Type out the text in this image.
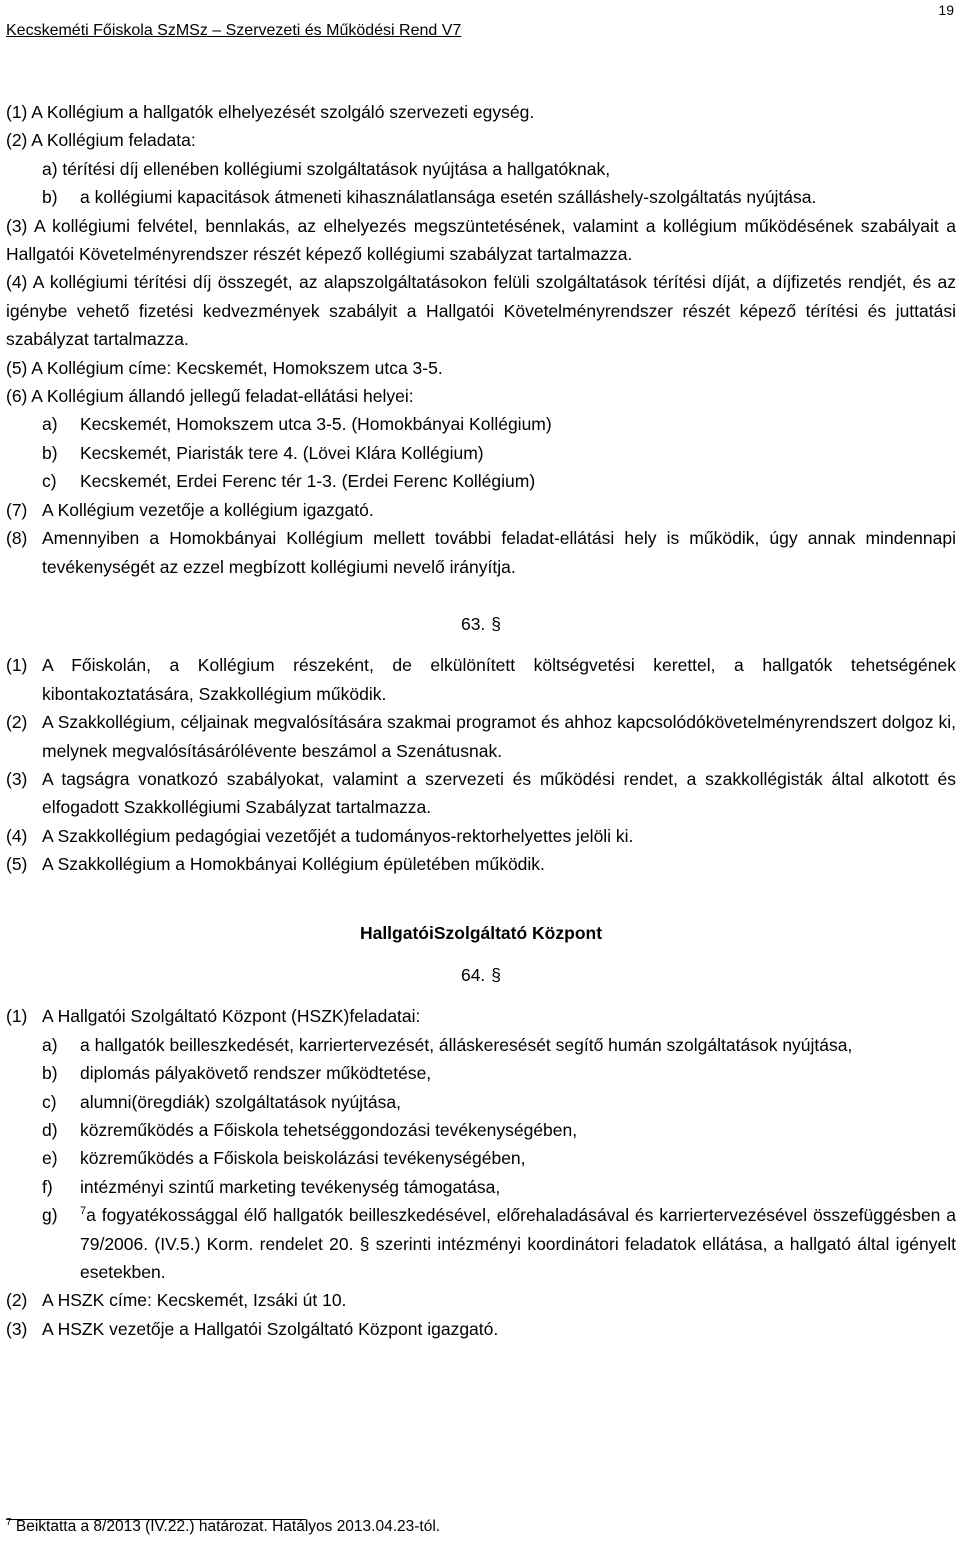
Kecskeméti Főiskola SzMSz – Szervezeti és Működési Rend V7
19
(1) A Kollégium a hallgatók elhelyezését szolgáló szervezeti egység.
(2) A Kollégium feladata:
a) térítési díj ellenében kollégiumi szolgáltatások nyújtása a hallgatóknak,
b) a kollégiumi kapacitások átmeneti kihasználatlansága esetén szálláshely-szolgáltatás nyújtása.
(3) A kollégiumi felvétel, bennlakás, az elhelyezés megszüntetésének, valamint a kollégium működésének szabályait a Hallgatói Követelményrendszer részét képező kollégiumi szabályzat tartalmazza.
(4) A kollégiumi térítési díj összegét, az alapszolgáltatásokon felüli szolgáltatások térítési díját, a díjfizetés rendjét, és az igénybe vehető fizetési kedvezmények szabályit a Hallgatói Követelményrendszer részét képező térítési és juttatási szabályzat tartalmazza.
(5) A Kollégium címe: Kecskemét, Homokszem utca 3-5.
(6) A Kollégium állandó jellegű feladat-ellátási helyei:
a) Kecskemét, Homokszem utca 3-5. (Homokbányai Kollégium)
b) Kecskemét, Piaristák tere 4. (Lövei Klára Kollégium)
c) Kecskemét, Erdei Ferenc tér 1-3. (Erdei Ferenc Kollégium)
(7) A Kollégium vezetője a kollégium igazgató.
(8) Amennyiben a Homokbányai Kollégium mellett további feladat-ellátási hely is működik, úgy annak mindennapi tevékenységét az ezzel megbízott kollégiumi nevelő irányítja.
63. §
(1) A Főiskolán, a Kollégium részeként, de elkülönített költségvetési kerettel, a hallgatók tehetségének kibontakoztatására, Szakkollégium működik.
(2) A Szakkollégium, céljainak megvalósítására szakmai programot és ahhoz kapcsolódókövetelményrendszert dolgoz ki, melynek megvalósításáróléventе beszámol a Szenátusnak.
(3) A tagságra vonatkozó szabályokat, valamint a szervezeti és működési rendet, a szakkollégisták által alkotott és elfogadott Szakkollégiumi Szabályzat tartalmazza.
(4) A Szakkollégium pedagógiai vezetőjét a tudományos-rektorhelyettes jelöli ki.
(5) A Szakkollégium a Homokbányai Kollégium épületében működik.
HallgatóiSzolgáltató Központ
64. §
(1) A Hallgatói Szolgáltató Központ (HSZK)feladatai:
a) a hallgatók beilleszkedését, karriertervezését, álláskeresését segítő humán szolgáltatások nyújtása,
b) diplomás pályakövető rendszer működtetése,
c) alumni(öregdiák) szolgáltatások nyújtása,
d) közreműködés a Főiskola tehetséggondozási tevékenységében,
e) közreműködés a Főiskola beiskolázási tevékenységében,
f) intézményi szintű marketing tevékenység támogatása,
g) $^7$a fogyatékossággal élő hallgatók beilleszkedésével, előrehaladásával és karriertervezésével összefüggésben a 79/2006. (IV.5.) Korm. rendelet 20. § szerinti intézményi koordinátori feladatok ellátása, a hallgató által igényelt esetekben.
(2) A HSZK címe: Kecskemét, Izsáki út 10.
(3) A HSZK vezetője a Hallgatói Szolgáltató Központ igazgató.
$^7$ Beiktatta a 8/2013 (IV.22.) határozat. Hatályos 2013.04.23-tól.
